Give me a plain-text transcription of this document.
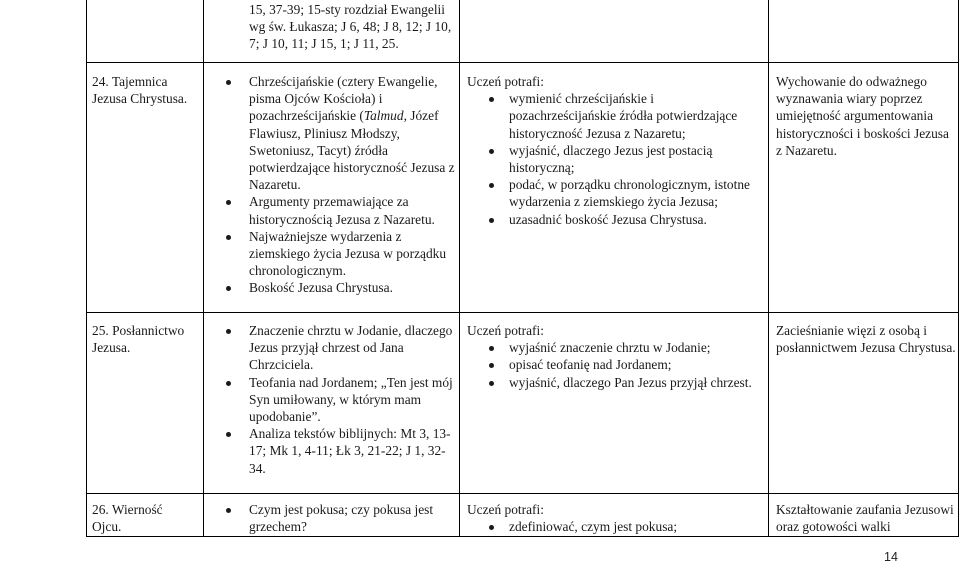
15, 37-39; 15-sty rozdział Ewangelii wg św. Łukasza; J 6, 48; J 8, 12; J 10, 7; J 10, 11; J 15, 1; J 11, 25.
24. Tajemnica Jezusa Chrystusa.
Chrześcijańskie (cztery Ewangelie, pisma Ojców Kościoła) i pozachrześcijańskie (Talmud, Józef Flawiusz, Pliniusz Młodszy, Swetoniusz, Tacyt) źródła potwierdzające historyczność Jezusa z Nazaretu.
Argumenty przemawiające za historycznością Jezusa z Nazaretu.
Najważniejsze wydarzenia z ziemskiego życia Jezusa w porządku chronologicznym.
Boskość Jezusa Chrystusa.
Uczeń potrafi:
wymienić chrześcijańskie i pozachrześcijańskie źródła potwierdzające historyczność Jezusa z Nazaretu;
wyjaśnić, dlaczego Jezus jest postacią historyczną;
podać, w porządku chronologicznym, istotne wydarzenia z ziemskiego życia Jezusa;
uzasadnić boskość Jezusa Chrystusa.
Wychowanie do odważnego wyznawania wiary poprzez umiejętność argumentowania historyczności i boskości Jezusa z Nazaretu.
25. Posłannictwo Jezusa.
Znaczenie chrztu w Jodanie, dlaczego Jezus przyjął chrzest od Jana Chrzciciela.
Teofania nad Jordanem; „Ten jest mój Syn umiłowany, w którym mam upodobanie”.
Analiza tekstów biblijnych: Mt 3, 13-17; Mk 1, 4-11; Łk 3, 21-22; J 1, 32-34.
Uczeń potrafi:
wyjaśnić znaczenie chrztu w Jodanie;
opisać teofanię nad Jordanem;
wyjaśnić, dlaczego Pan Jezus przyjął chrzest.
Zacieśnianie więzi z osobą i posłannictwem Jezusa Chrystusa.
26. Wierność Ojcu.
Czym jest pokusa; czy pokusa jest grzechem?
Uczeń potrafi:
zdefiniować, czym jest pokusa;
Kształtowanie zaufania Jezusowi oraz gotowości walki
14
